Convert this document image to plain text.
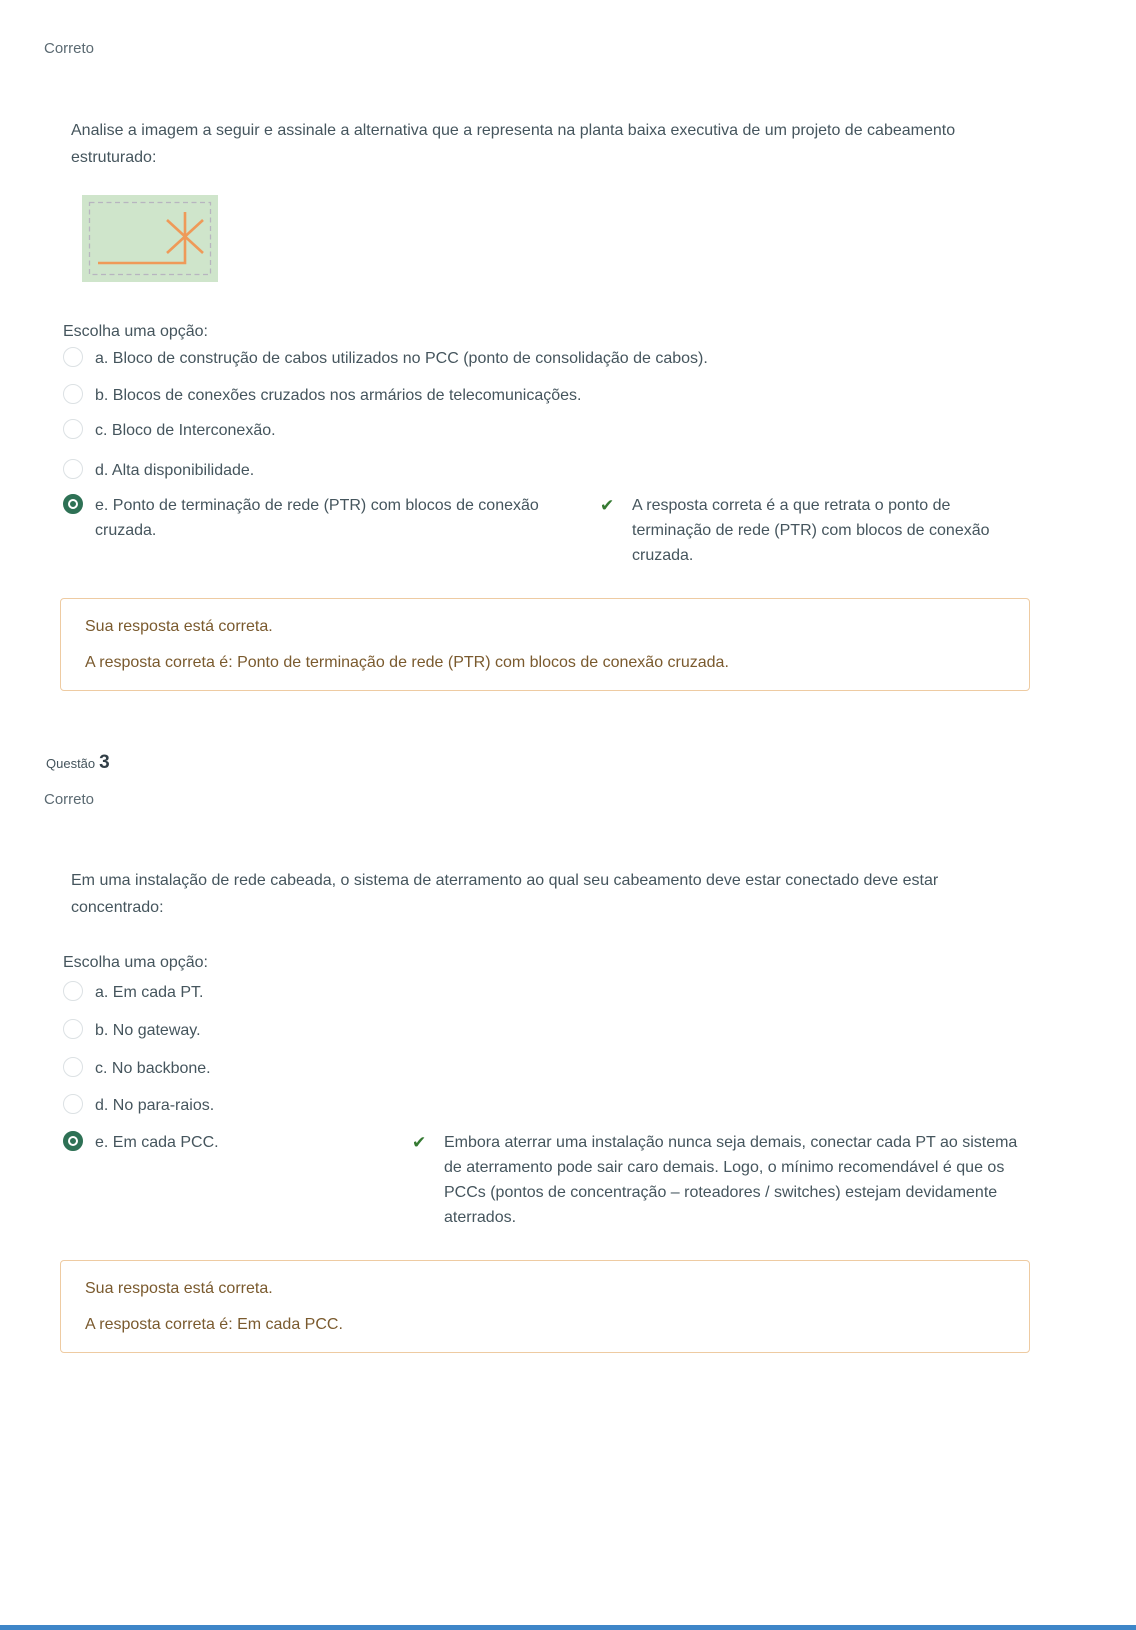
Correto
Analise a imagem a seguir e assinale a alternativa que a representa na planta baixa executiva de um projeto de cabeamento estruturado:
Escolha uma opção:
a. Bloco de construção de cabos utilizados no PCC (ponto de consolidação de cabos).
b. Blocos de conexões cruzados nos armários de telecomunicações.
c. Bloco de Interconexão.
d. Alta disponibilidade.
e. Ponto de terminação de rede (PTR) com blocos de conexão cruzada.
✔ A resposta correta é a que retrata o ponto de terminação de rede (PTR) com blocos de conexão cruzada.

Sua resposta está correta.

A resposta correta é: Ponto de terminação de rede (PTR) com blocos de conexão cruzada.

Questão 3
Correto
Em uma instalação de rede cabeada, o sistema de aterramento ao qual seu cabeamento deve estar conectado deve estar concentrado:
Escolha uma opção:
a. Em cada PT.
b. No gateway.
c. No backbone.
d. No para-raios.
e. Em cada PCC.	✔ Embora aterrar uma instalação nunca seja demais, conectar cada PT ao sistema de aterramento pode sair caro demais. Logo, o mínimo recomendável é que os PCCs (pontos de concentração – roteadores / switches) estejam devidamente aterrados.

Sua resposta está correta.

A resposta correta é: Em cada PCC.
